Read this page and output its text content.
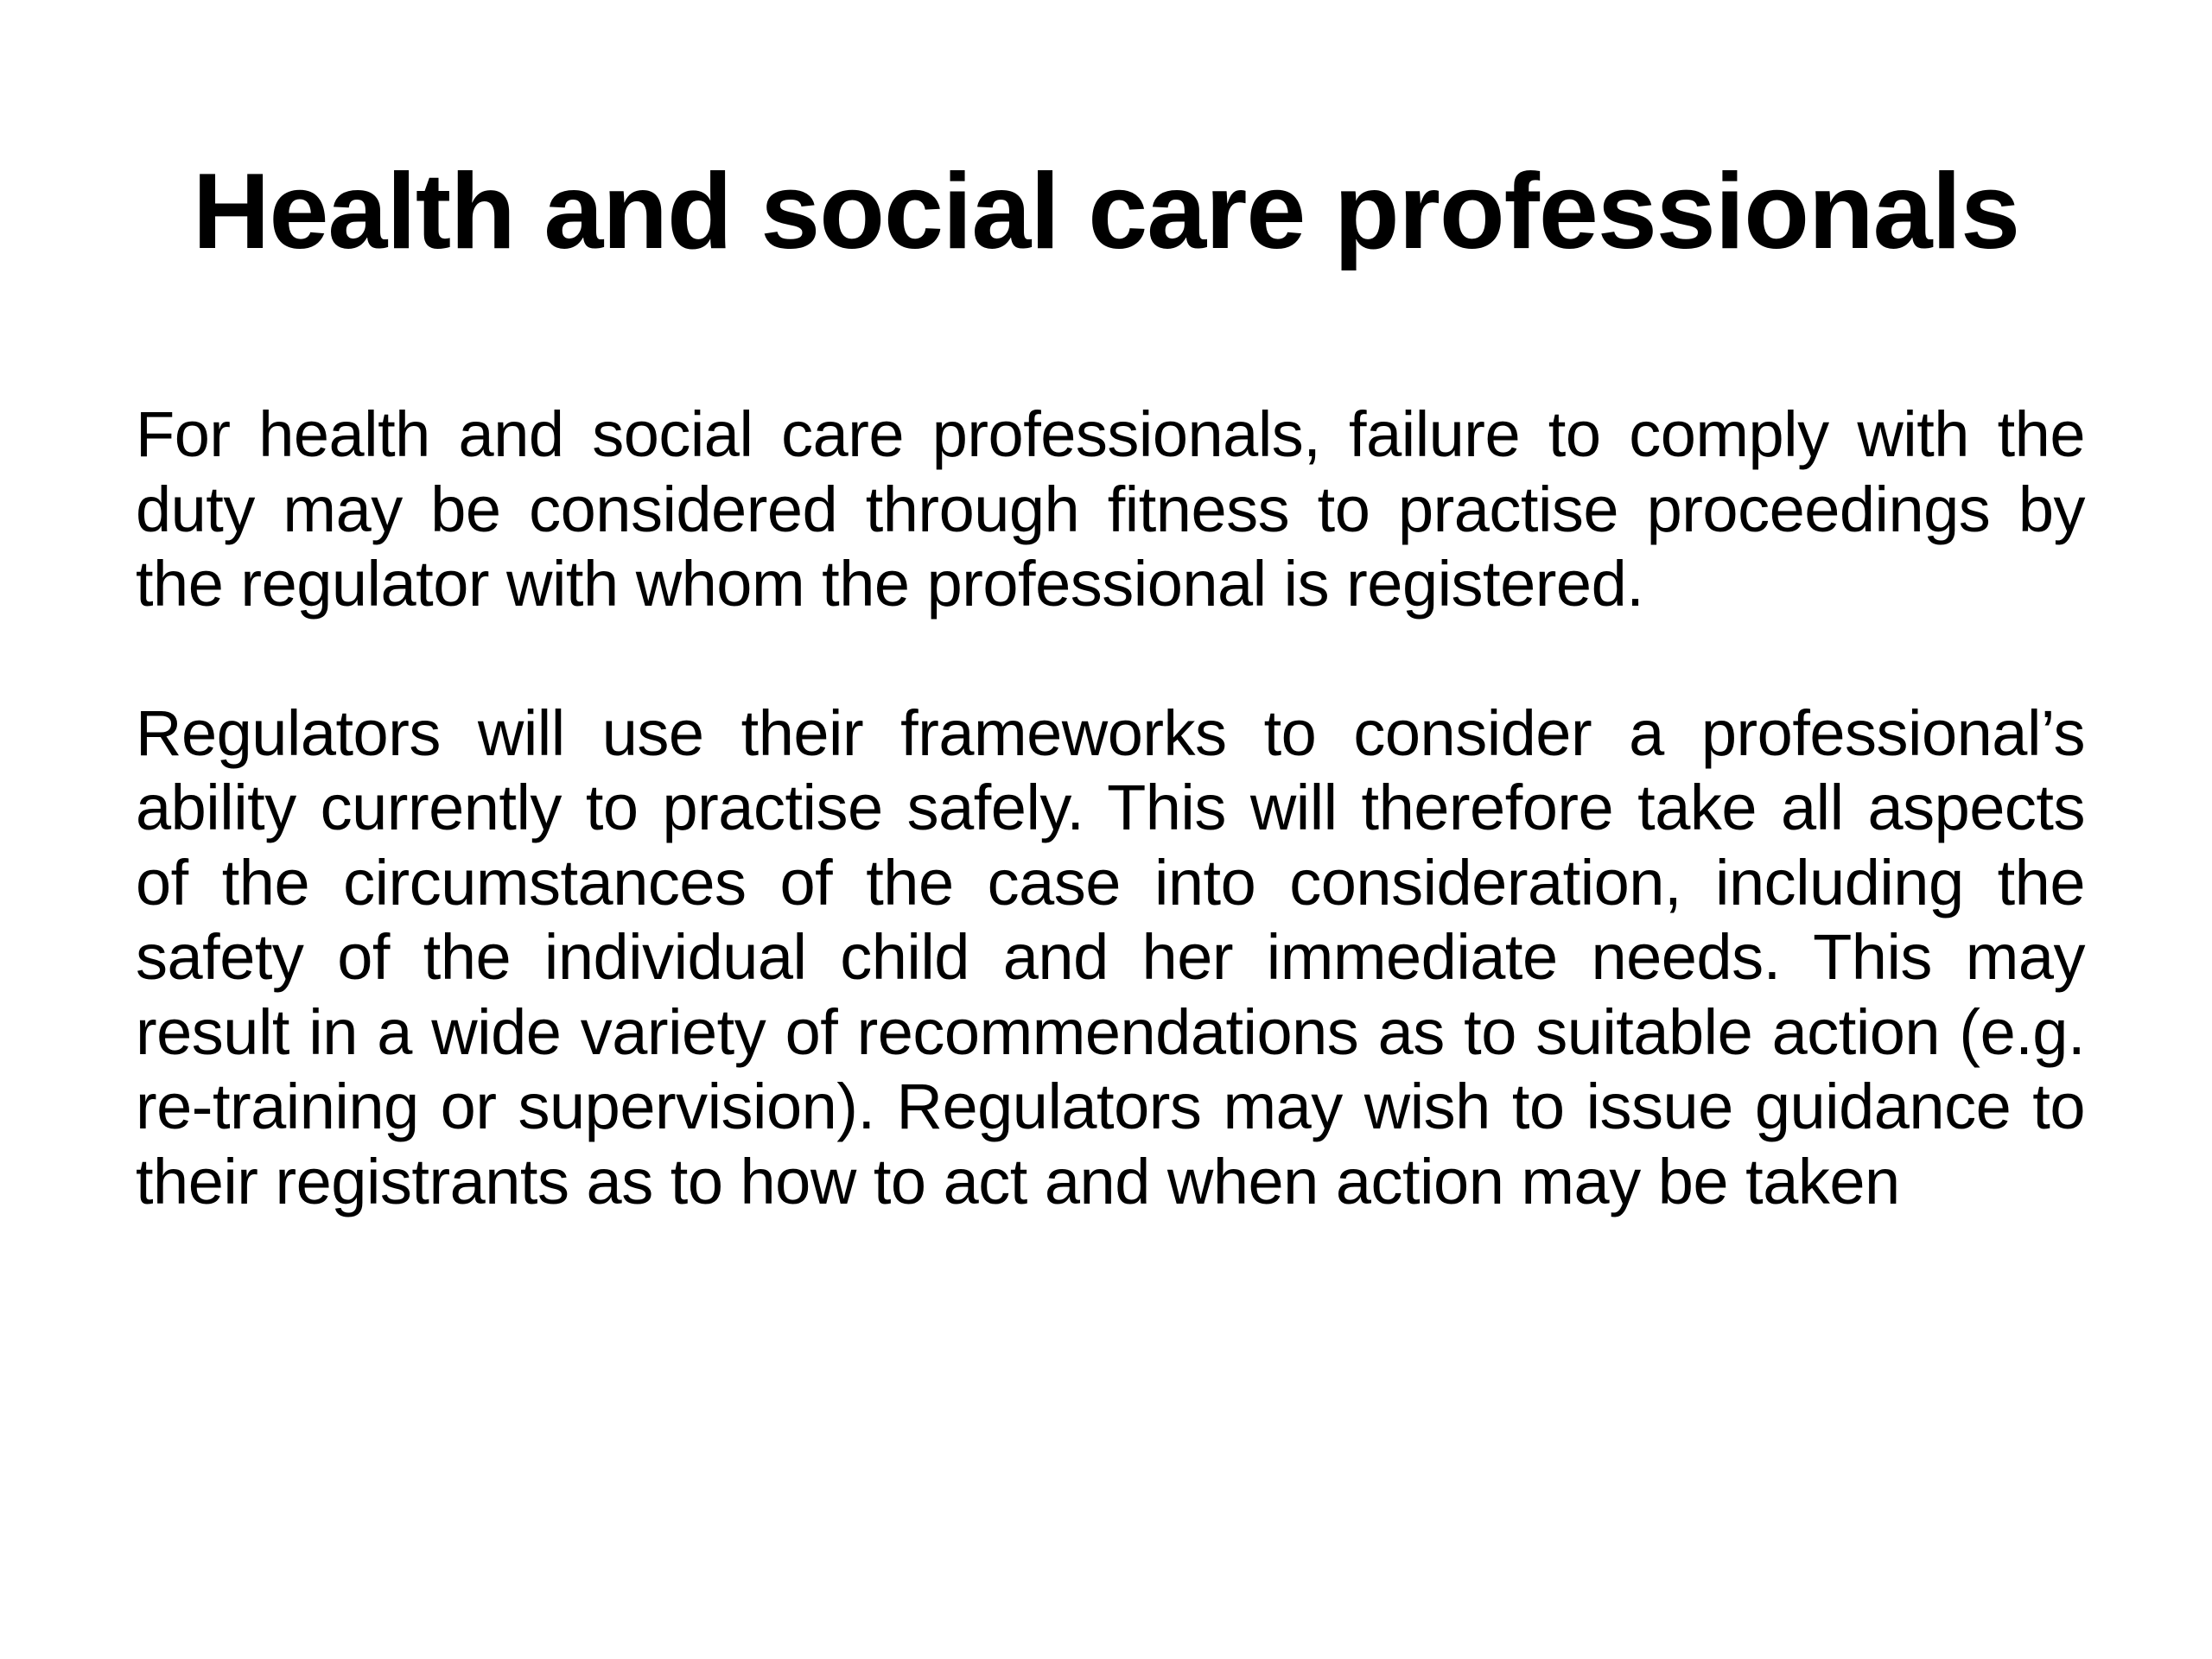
Health and social care professionals

For health and social care professionals, failure to comply with the duty may be considered through fitness to practise proceedings by the regulator with whom the professional is registered.

Regulators will use their frameworks to consider a professional’s ability currently to practise safely. This will therefore take all aspects of the circumstances of the case into consideration, including the safety of the individual child and her immediate needs. This may result in a wide variety of recommendations as to suitable action (e.g. re-training or supervision). Regulators may wish to issue guidance to their registrants as to how to act and when action may be taken
